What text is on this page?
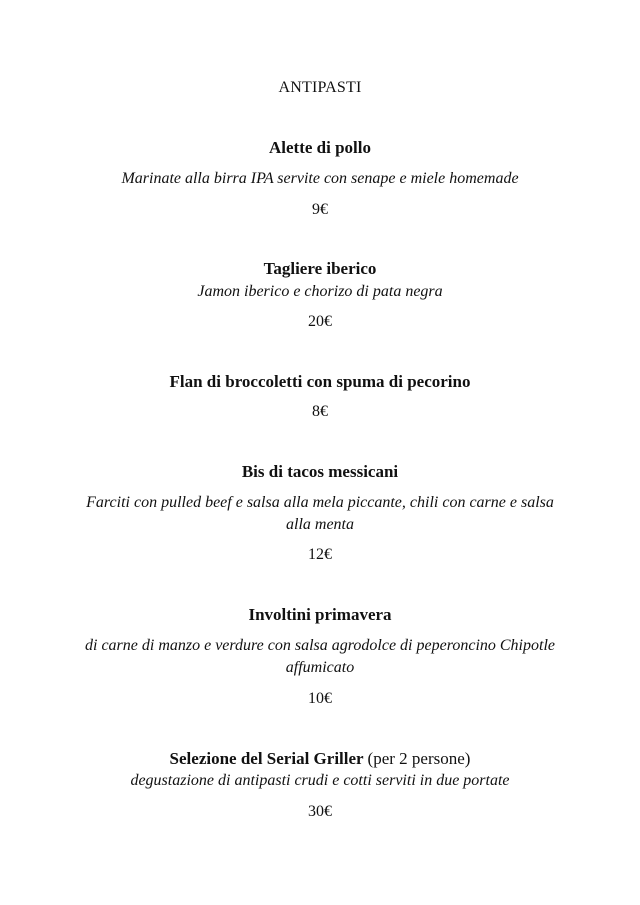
ANTIPASTI
Alette di pollo
Marinate alla birra IPA servite con senape e miele homemade
9€
Tagliere iberico
Jamon iberico e chorizo di pata negra
20€
Flan di broccoletti con spuma di pecorino
8€
Bis di tacos messicani
Farciti con pulled beef e salsa alla mela piccante, chili con carne e salsa
alla menta
12€
Involtini primavera
di carne di manzo e verdure con salsa agrodolce di peperoncino Chipotle
affumicato
10€
Selezione del Serial Griller (per 2 persone)
degustazione di antipasti crudi e cotti serviti in due portate
30€
